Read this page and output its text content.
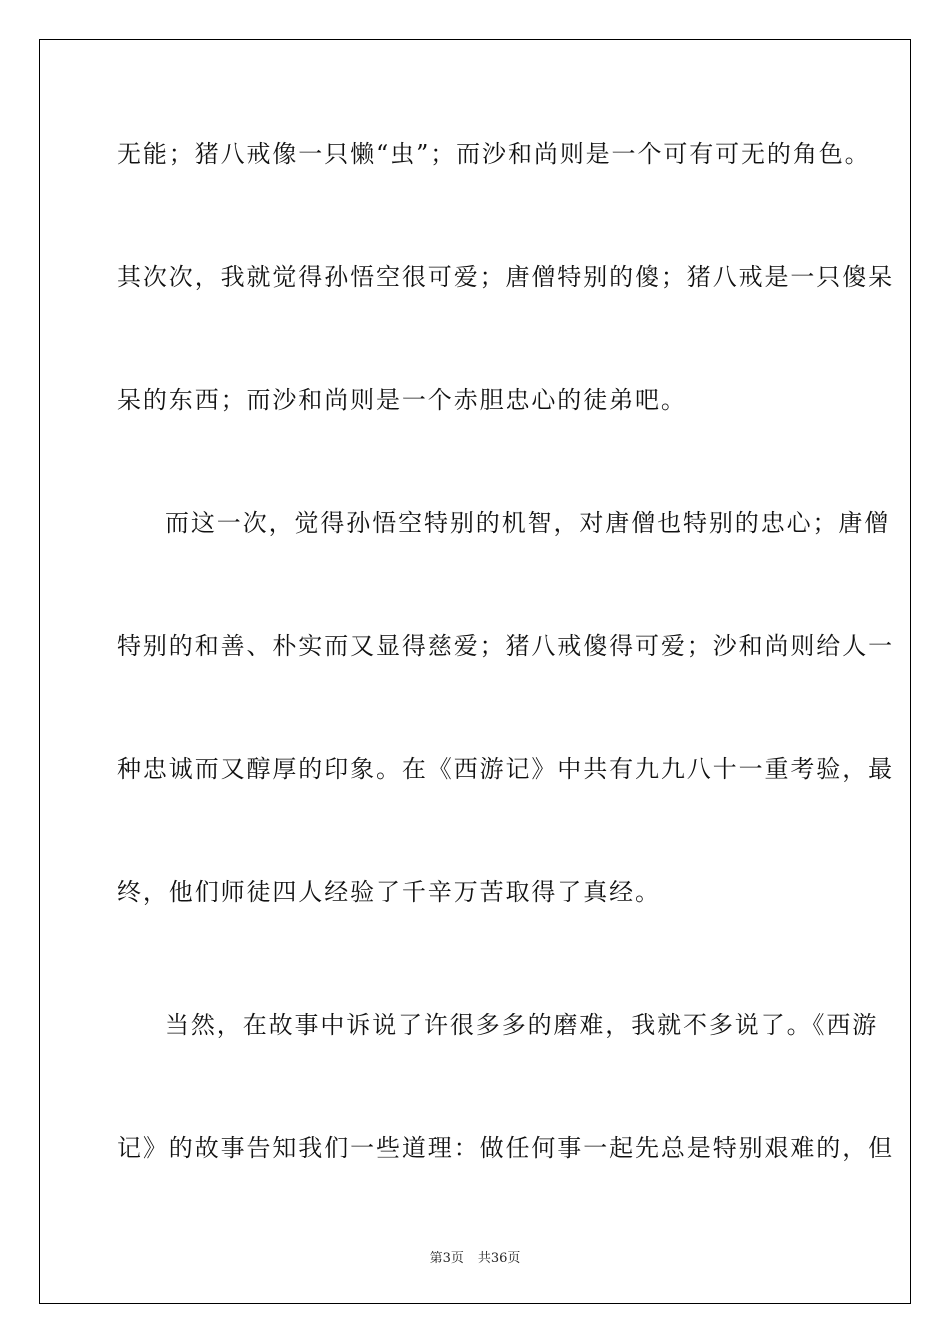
无能；猪八戒像一只懒“虫”；而沙和尚则是一个可有可无的角色。
其次次，我就觉得孙悟空很可爱；唐僧特别的傻；猪八戒是一只傻呆
呆的东西；而沙和尚则是一个赤胆忠心的徒弟吧。
而这一次，觉得孙悟空特别的机智，对唐僧也特别的忠心；唐僧
特别的和善、朴实而又显得慈爱；猪八戒傻得可爱；沙和尚则给人一
种忠诚而又醇厚的印象。在《西游记》中共有九九八十一重考验，最
终，他们师徒四人经验了千辛万苦取得了真经。
当然，在故事中诉说了许很多多的磨难，我就不多说了。《西游
记》的故事告知我们一些道理：做任何事一起先总是特别艰难的，但
第3页 共36页
